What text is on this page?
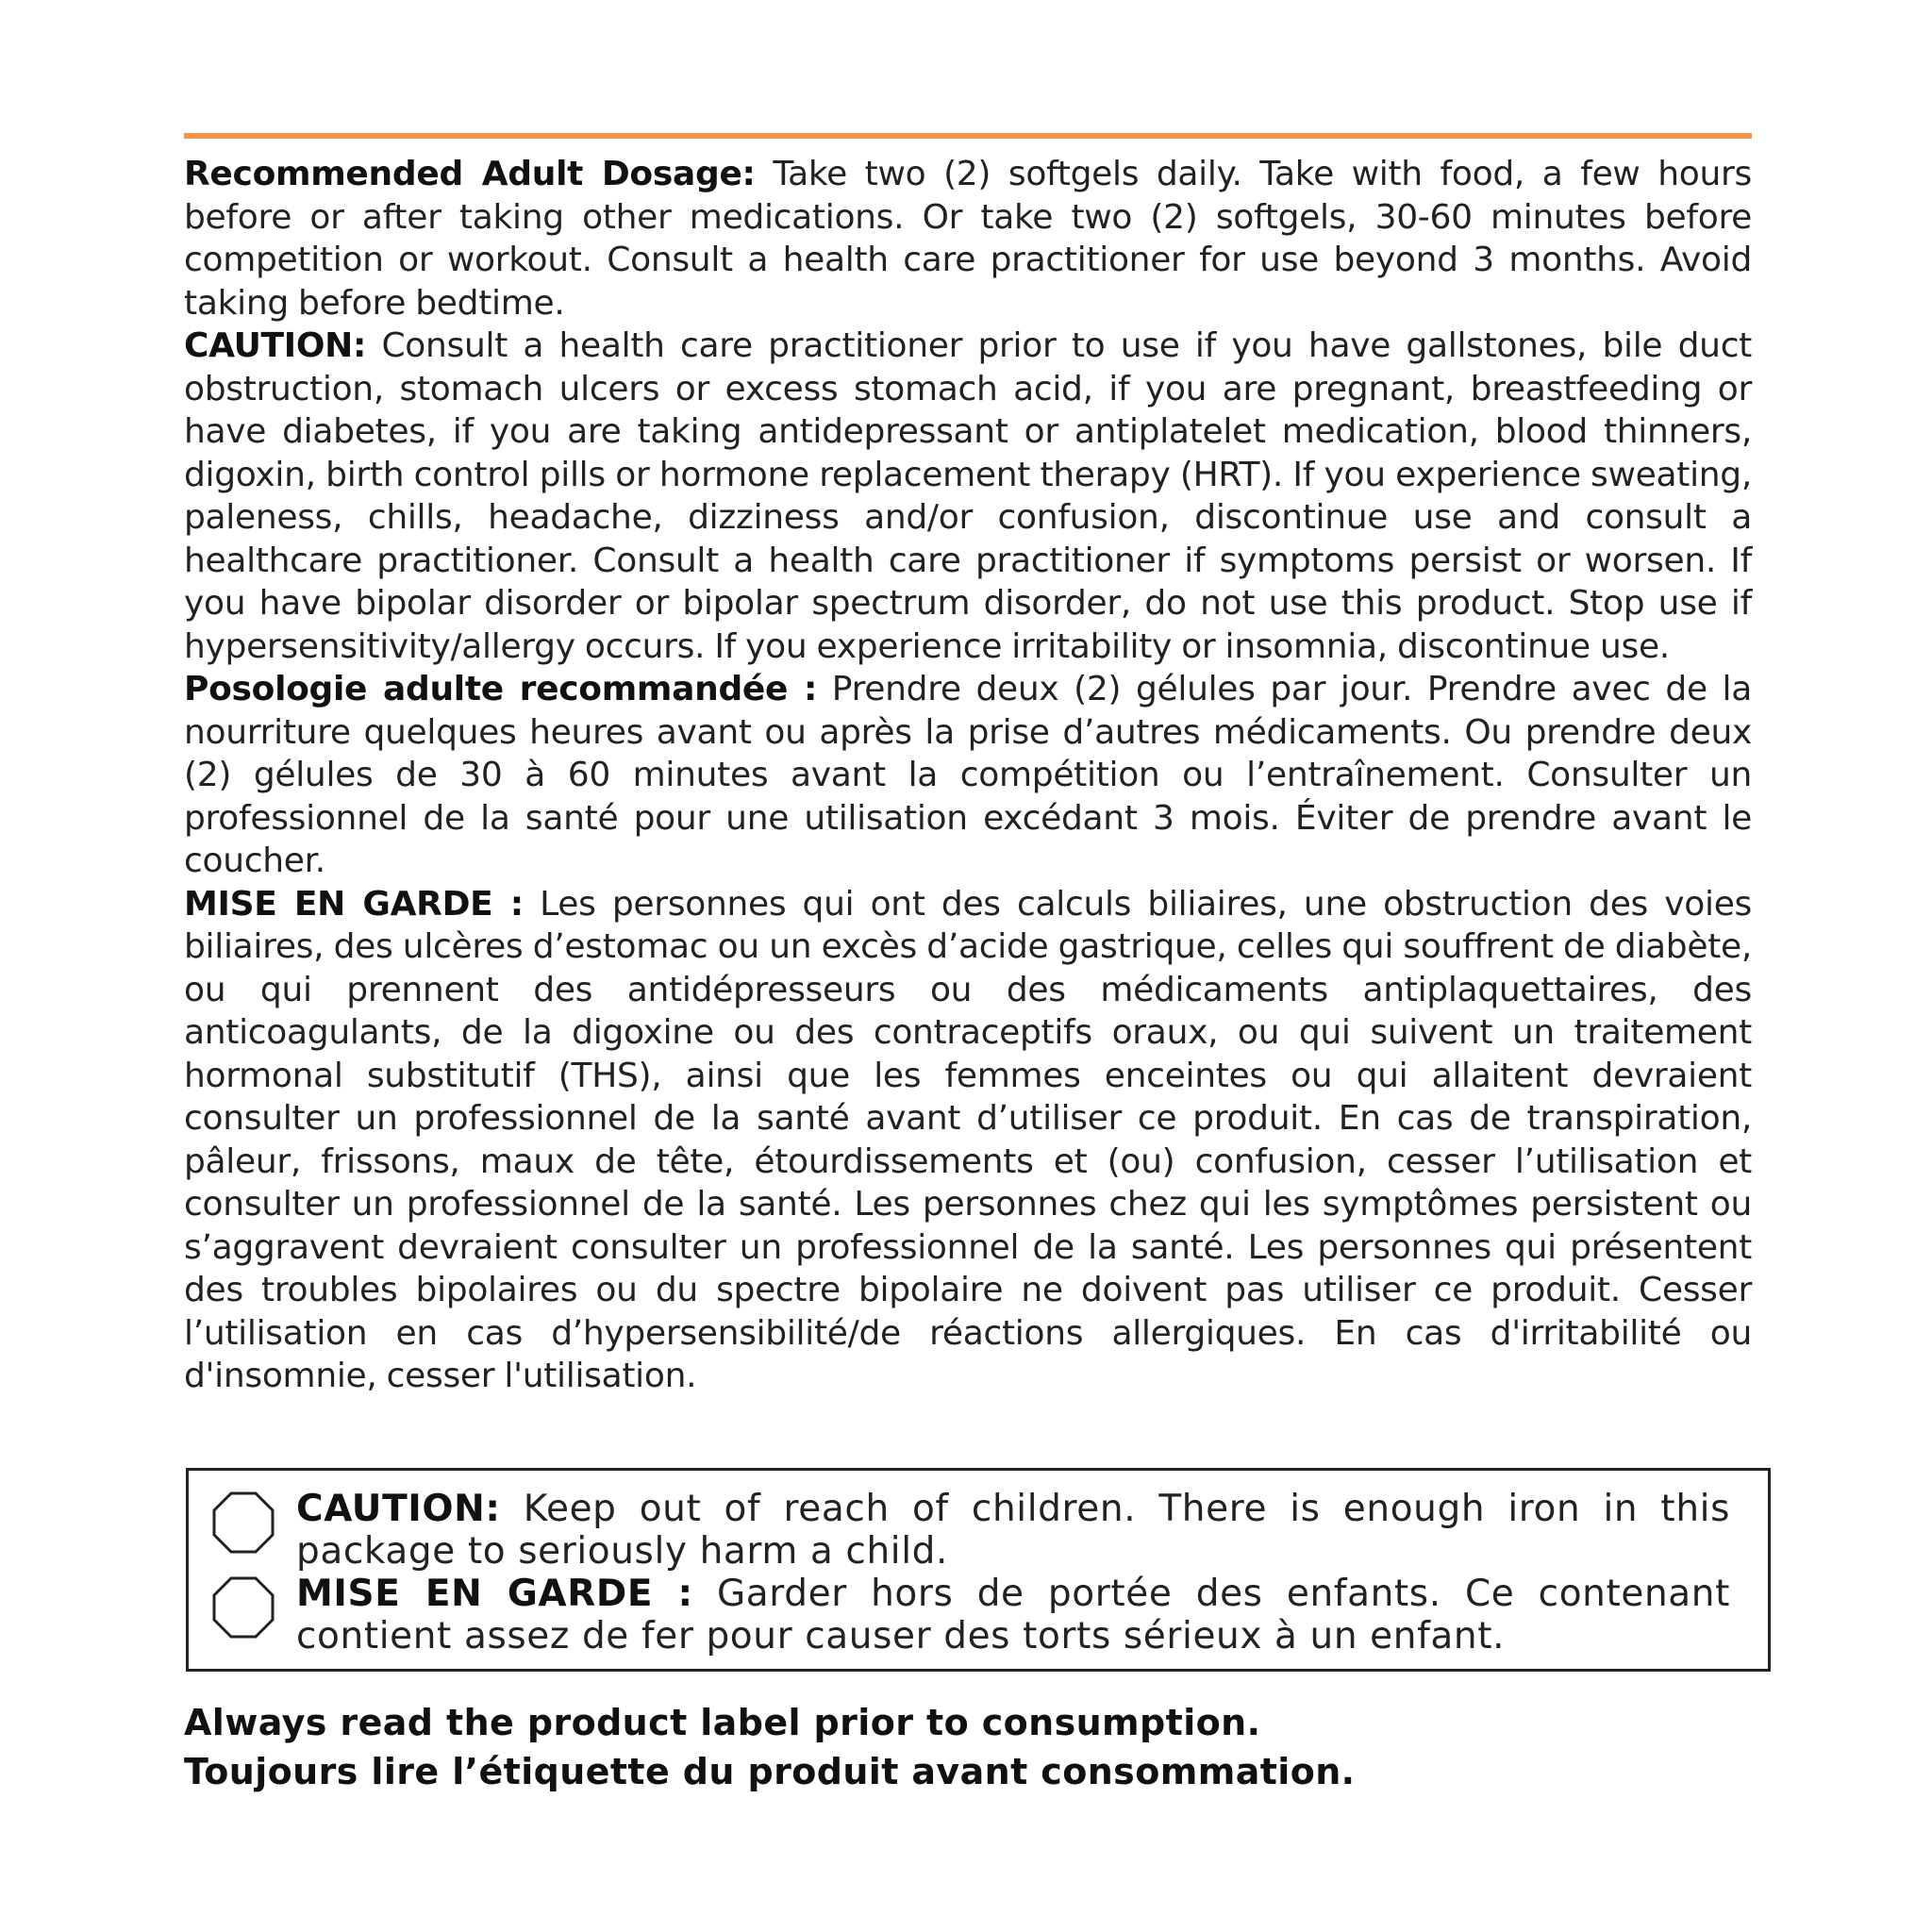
Recommended Adult Dosage: Take two (2) softgels daily. Take with food, a few hours before or after taking other medications. Or take two (2) softgels, 30-60 minutes before competition or workout. Consult a health care practitioner for use beyond 3 months. Avoid taking before bedtime.

CAUTION: Consult a health care practitioner prior to use if you have gallstones, bile duct obstruction, stomach ulcers or excess stomach acid, if you are pregnant, breastfeeding or have diabetes, if you are taking antidepressant or antiplatelet medication, blood thinners, digoxin, birth control pills or hormone replacement therapy (HRT). If you experience sweating, paleness, chills, headache, dizziness and/or confusion, discontinue use and consult a healthcare practitioner. Consult a health care practitioner if symptoms persist or worsen. If you have bipolar disorder or bipolar spectrum disorder, do not use this product. Stop use if hypersensitivity/allergy occurs. If you experience irritability or insomnia, discontinue use.

Posologie adulte recommandée : Prendre deux (2) gélules par jour. Prendre avec de la nourriture quelques heures avant ou après la prise d’autres médicaments. Ou prendre deux (2) gélules de 30 à 60 minutes avant la compétition ou l’entraînement. Consulter un professionnel de la santé pour une utilisation excédant 3 mois. Éviter de prendre avant le coucher.

MISE EN GARDE : Les personnes qui ont des calculs biliaires, une obstruction des voies biliaires, des ulcères d’estomac ou un excès d’acide gastrique, celles qui souffrent de diabète, ou qui prennent des antidépresseurs ou des médicaments antiplaquettaires, des anticoagulants, de la digoxine ou des contraceptifs oraux, ou qui suivent un traitement hormonal substitutif (THS), ainsi que les femmes enceintes ou qui allaitent devraient consulter un professionnel de la santé avant d’utiliser ce produit. En cas de transpiration, pâleur, frissons, maux de tête, étourdissements et (ou) confusion, cesser l’utilisation et consulter un professionnel de la santé. Les personnes chez qui les symptômes persistent ou s’aggravent devraient consulter un professionnel de la santé. Les personnes qui présentent des troubles bipolaires ou du spectre bipolaire ne doivent pas utiliser ce produit. Cesser l’utilisation en cas d’hypersensibilité/de réactions allergiques. En cas d'irritabilité ou d'insomnie, cesser l'utilisation.

CAUTION: Keep out of reach of children. There is enough iron in this package to seriously harm a child.
MISE EN GARDE : Garder hors de portée des enfants. Ce contenant contient assez de fer pour causer des torts sérieux à un enfant.
Always read the product label prior to consumption.
Toujours lire l’étiquette du produit avant consommation.
